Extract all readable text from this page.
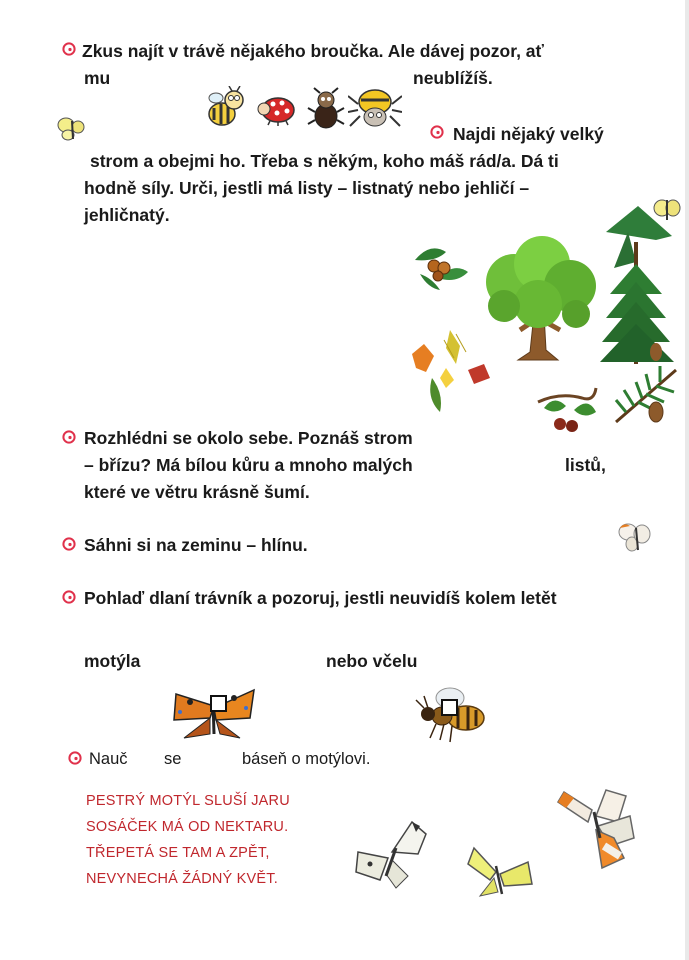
Zkus najít v trávě nějakého broučka. Ale dávej pozor, ať
mu	neublížíš.
Najdi nějaký velký
strom a obejmi ho. Třeba s někým, koho máš rád/a. Dá ti
hodně síly. Urči, jestli má listy – listnatý nebo jehličí –
jehličnatý.
Rozhlédni se okolo sebe. Poznáš strom
– břízu? Má bílou kůru a mnoho malých	listů,
které ve větru krásně šumí.
Sáhni si na zeminu – hlínu.
Pohlaď dlaní trávník a pozoruj, jestli neuvidíš kolem letět
motýla	nebo včelu
Nauč se	báseň o motýlovi.
PESTRÝ MOTÝL SLUŠÍ JARU
SOSÁČEK MÁ OD NEKTARU.
TŘEPETÁ SE TAM A ZPĚT,
NEVYNECHÁ ŽÁDNÝ KVĚT.
